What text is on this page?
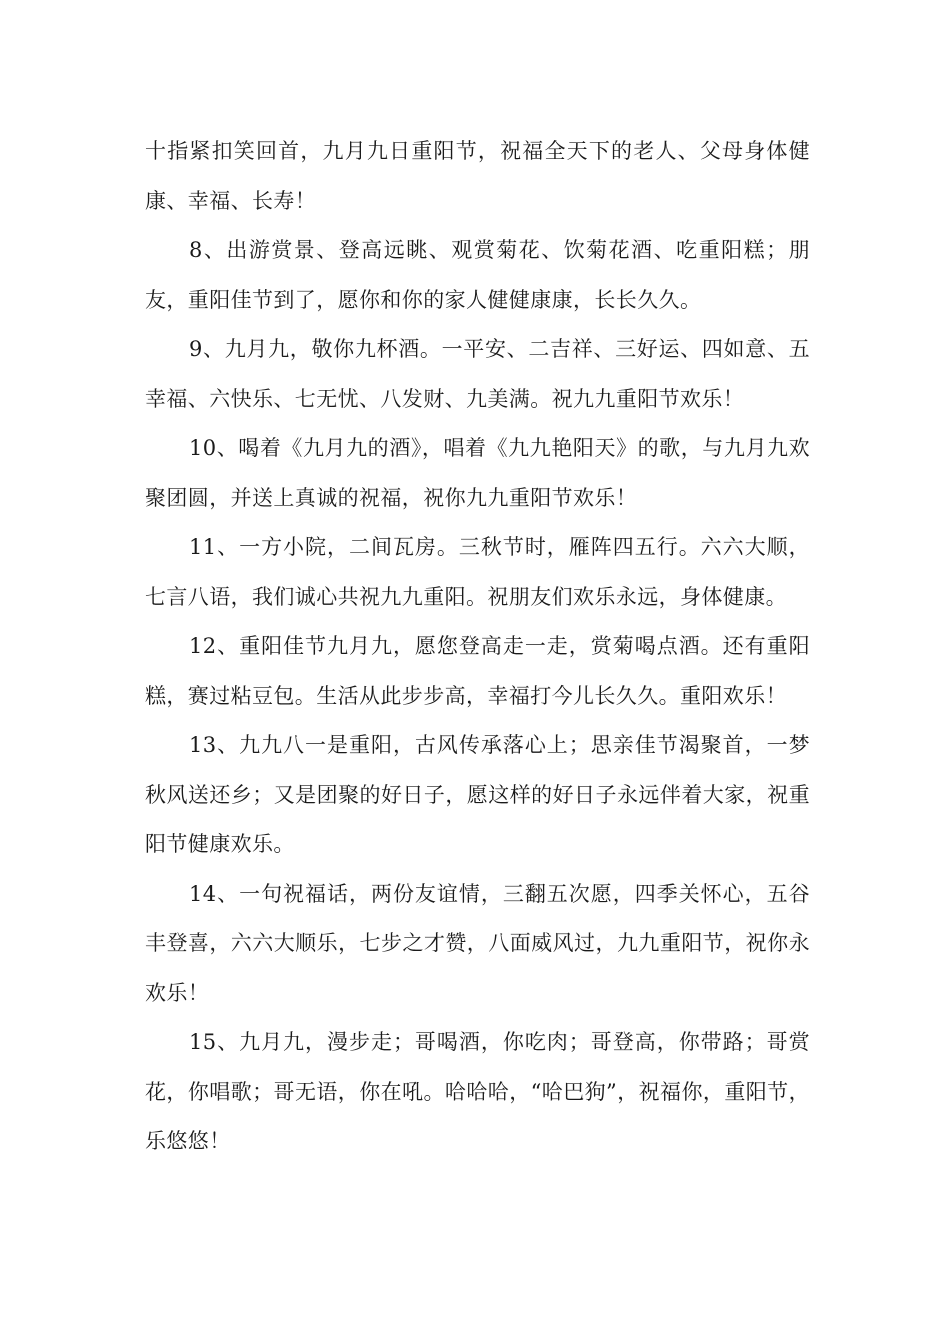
十指紧扣笑回首，九月九日重阳节，祝福全天下的老人、父母身体健康、幸福、长寿！

8、出游赏景、登高远眺、观赏菊花、饮菊花酒、吃重阳糕；朋友，重阳佳节到了，愿你和你的家人健健康康，长长久久。

9、九月九，敬你九杯酒。一平安、二吉祥、三好运、四如意、五幸福、六快乐、七无忧、八发财、九美满。祝九九重阳节欢乐！

10、喝着《九月九的酒》，唱着《九九艳阳天》的歌，与九月九欢聚团圆，并送上真诚的祝福，祝你九九重阳节欢乐！

11、一方小院，二间瓦房。三秋节时，雁阵四五行。六六大顺，七言八语，我们诚心共祝九九重阳。祝朋友们欢乐永远，身体健康。

12、重阳佳节九月九，愿您登高走一走，赏菊喝点酒。还有重阳糕，赛过粘豆包。生活从此步步高，幸福打今儿长久久。重阳欢乐！

13、九九八一是重阳，古风传承落心上；思亲佳节渴聚首，一梦秋风送还乡；又是团聚的好日子，愿这样的好日子永远伴着大家，祝重阳节健康欢乐。

14、一句祝福话，两份友谊情，三翻五次愿，四季关怀心，五谷丰登喜，六六大顺乐，七步之才赞，八面威风过，九九重阳节，祝你永欢乐！

15、九月九，漫步走；哥喝酒，你吃肉；哥登高，你带路；哥赏花，你唱歌；哥无语，你在吼。哈哈哈，“哈巴狗”，祝福你，重阳节，乐悠悠！
